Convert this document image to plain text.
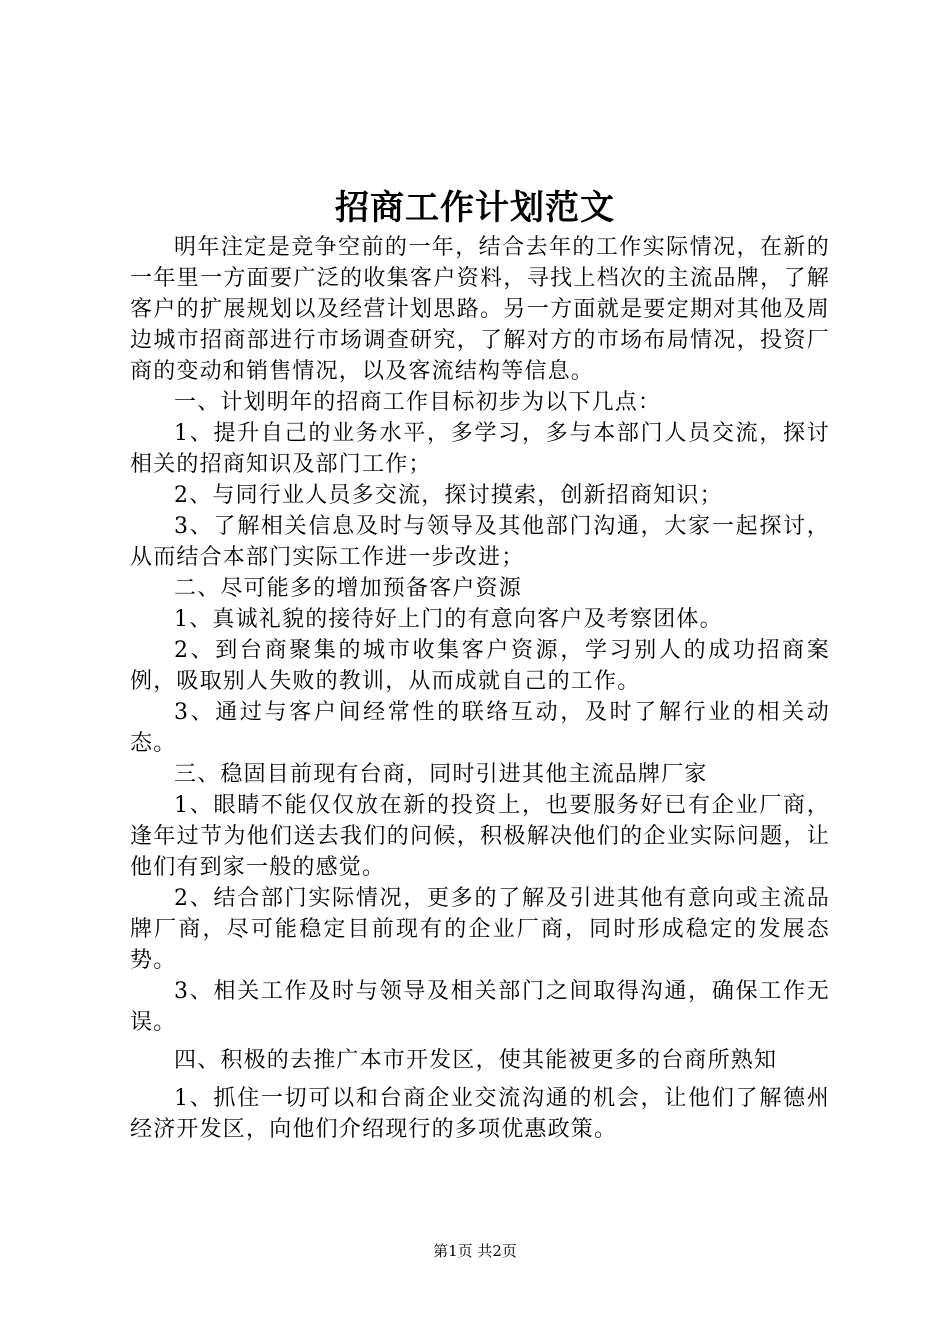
招商工作计划范文

明年注定是竞争空前的一年，结合去年的工作实际情况，在新的一年里一方面要广泛的收集客户资料，寻找上档次的主流品牌，了解客户的扩展规划以及经营计划思路。另一方面就是要定期对其他及周边城市招商部进行市场调查研究，了解对方的市场布局情况，投资厂商的变动和销售情况，以及客流结构等信息。

一、计划明年的招商工作目标初步为以下几点：

1、提升自己的业务水平，多学习，多与本部门人员交流，探讨相关的招商知识及部门工作；

2、与同行业人员多交流，探讨摸索，创新招商知识；

3、了解相关信息及时与领导及其他部门沟通，大家一起探讨，从而结合本部门实际工作进一步改进；

二、尽可能多的增加预备客户资源

1、真诚礼貌的接待好上门的有意向客户及考察团体。

2、到台商聚集的城市收集客户资源，学习别人的成功招商案例，吸取别人失败的教训，从而成就自己的工作。

3、通过与客户间经常性的联络互动，及时了解行业的相关动态。

三、稳固目前现有台商，同时引进其他主流品牌厂家

1、眼睛不能仅仅放在新的投资上，也要服务好已有企业厂商，逢年过节为他们送去我们的问候，积极解决他们的企业实际问题，让他们有到家一般的感觉。

2、结合部门实际情况，更多的了解及引进其他有意向或主流品牌厂商，尽可能稳定目前现有的企业厂商，同时形成稳定的发展态势。

3、相关工作及时与领导及相关部门之间取得沟通，确保工作无误。

四、积极的去推广本市开发区，使其能被更多的台商所熟知

1、抓住一切可以和台商企业交流沟通的机会，让他们了解德州经济开发区，向他们介绍现行的多项优惠政策。

第1页 共2页
